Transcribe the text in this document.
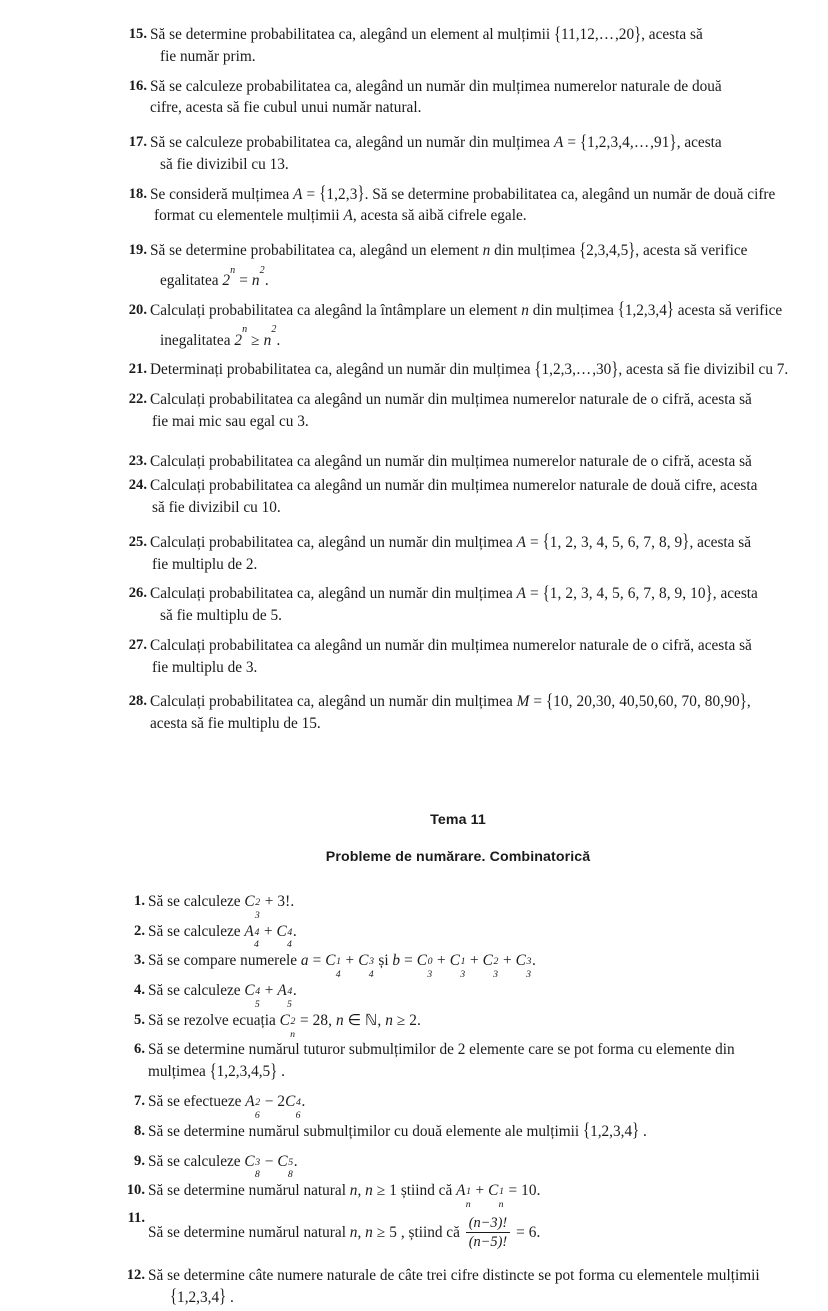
15. Să se determine probabilitatea ca, alegând un element al mulțimii {11,12,…,20}, acesta să
fie număr prim.
16. Să se calculeze probabilitatea ca, alegând un număr din mulțimea numerelor naturale de două
cifre, acesta să fie cubul unui număr natural.
17. Să se calculeze probabilitatea ca, alegând un număr din mulțimea A = {1,2,3,4,…,91}, acesta
să fie divizibil cu 13.
18. Se consideră mulțimea A = {1,2,3}. Să se determine probabilitatea ca, alegând un număr de două cifre
format cu elementele mulțimii A, acesta să aibă cifrele egale.
19. Să se determine probabilitatea ca, alegând un element n din mulțimea {2,3,4,5}, acesta să verifice
egalitatea $2^n = n^2$.
20. Calculați probabilitatea ca alegând la întâmplare un element n din mulțimea {1,2,3,4} acesta să verifice
inegalitatea $2^n \ge n^2$.
21. Determinați probabilitatea ca, alegând un număr din mulțimea {1,2,3,…,30}, acesta să fie divizibil cu 7.
22. Calculați probabilitatea ca alegând un număr din mulțimea numerelor naturale de o cifră, acesta să
fie mai mic sau egal cu 3.
23. Calculați probabilitatea ca alegând un număr din mulțimea numerelor naturale de o cifră, acesta să
24. Calculați probabilitatea ca alegând un număr din mulțimea numerelor naturale de două cifre, acesta
să fie divizibil cu 10.
25. Calculați probabilitatea ca, alegând un număr din mulțimea A = {1, 2, 3, 4, 5, 6, 7, 8, 9}, acesta să
fie multiplu de 2.
26. Calculați probabilitatea ca, alegând un număr din mulțimea A = {1, 2, 3, 4, 5, 6, 7, 8, 9, 10}, acesta
să fie multiplu de 5.
27. Calculați probabilitatea ca alegând un număr din mulțimea numerelor naturale de o cifră, acesta să
fie multiplu de 3.
28. Calculați probabilitatea ca, alegând un număr din mulțimea M = {10, 20,30, 40,50,60, 70, 80,90},
acesta să fie multiplu de 15.
Tema 11
Probleme de numărare. Combinatorică
1. Să se calculeze C 2
3
+ 3!.
2. Să se calculeze A 4
4
+ C 4
4
.
3. Să se compare numerele a = C 1
4
+ C 3
4
și b = C 0
3
+ C 1
3
+ C 2
3
+ C 3
3
.
4. Să se calculeze C 4
5
+ A 4
5
.
5. Să se rezolve ecuația C 2
n
= 28, n ∈ ℕ, n ≥ 2.
6. Să se determine numărul tuturor submulțimilor de 2 elemente care se pot forma cu elemente din
mulțimea {1,2,3,4,5} .
7. Să se efectueze A 2
6
− 2C 4
6
.
8. Să se determine numărul submulțimilor cu două elemente ale mulțimii {1,2,3,4} .
9. Să se calculeze C 3
8
− C 5
8
.
10. Să se determine numărul natural n, n ≥ 1 știind că A 1
n
+ C 1
n
= 10.
11.
Să se determine numărul natural n, n ≥ 5 , știind că $\frac{(n-3)!}{(n-5)!} = 6$.
12. Să se determine câte numere naturale de câte trei cifre distincte se pot forma cu elementele mulțimii
{1,2,3,4} .
